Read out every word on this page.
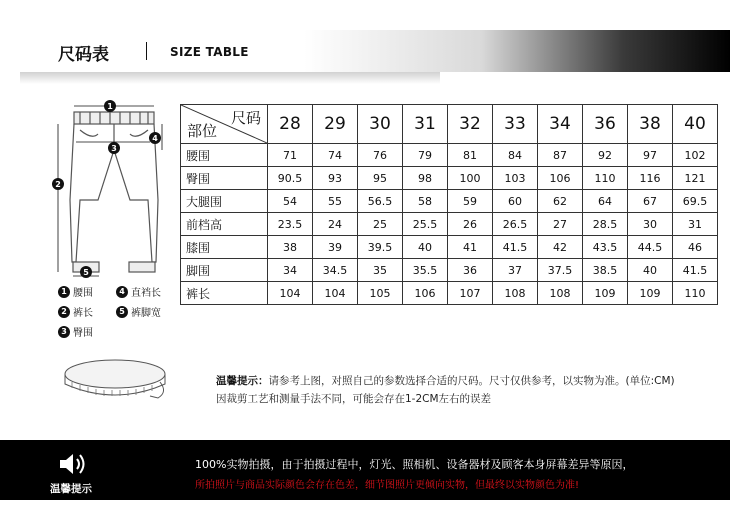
尺码表	SIZE TABLE
1
2
3
4
5
1 腰围	4 直裆长
2 裤长	5 裤脚宽
3 臀围
尺码
部位	28	29	30	31	32	33	34	36	38	40
腰围	71	74	76	79	81	84	87	92	97	102
臀围	90.5	93	95	98	100	103	106	110	116	121
大腿围	54	55	56.5	58	59	60	62	64	67	69.5
前档高	23.5	24	25	25.5	26	26.5	27	28.5	30	31
膝围	38	39	39.5	40	41	41.5	42	43.5	44.5	46
脚围	34	34.5	35	35.5	36	37	37.5	38.5	40	41.5
裤长	104	104	105	106	107	108	108	109	109	110
温馨提示：请参考上图，对照自己的参数选择合适的尺码。尺寸仅供参考，以实物为准。(单位:CM)
因裁剪工艺和测量手法不同，可能会存在1-2CM左右的误差
温馨提示
100%实物拍摄，由于拍摄过程中，灯光、照相机、设备器材及顾客本身屏幕差异等原因，
所拍照片与商品实际颜色会存在色差，细节图照片更倾向实物，但最终以实物颜色为准!
